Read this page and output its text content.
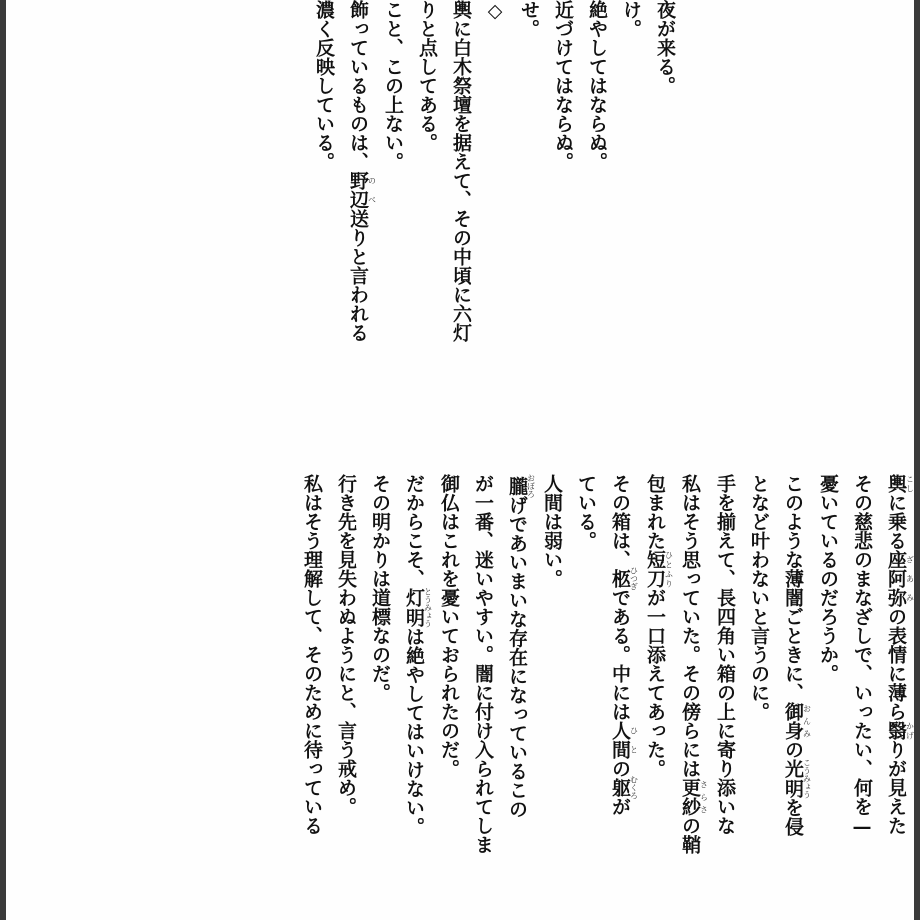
夜が来る。

け。

絶やしてはならぬ。

近づけてはならぬ。

せ。

◇

輿に白木祭壇を据えて、その中頃に六灯

りと点してある。

こと、この上ない。

飾っているものは、野辺のべ送りと言われる

濃く反映している。

輿こしに乗る座阿弥ざあみの表情に薄ら翳かげりが見えた

その慈悲のまなざしで、いったい、何を—

憂いているのだろうか。

このような薄闇ごときに、御身おんみの光明こうみょうを侵

となど叶わないと言うのに。

手を揃えて、長四角い箱の上に寄り添いな

私はそう思っていた。その傍らには更紗さらさの鞘

包まれた短刀ひとふりが一口添えてあった。

その箱は、柩ひつぎである。中には人間ひとの躯むくろが

ている。

人間は弱い。

朧おぼろげであいまいな存在になっているこの

が一番、迷いやすい。闇に付け入られてしま

御仏はこれを憂いておられたのだ。

だからこそ、灯明とうみょうは絶やしてはいけない。

その明かりは道標なのだ。

行き先を見失わぬようにと、言う戒め。

私はそう理解して、そのために待っている
